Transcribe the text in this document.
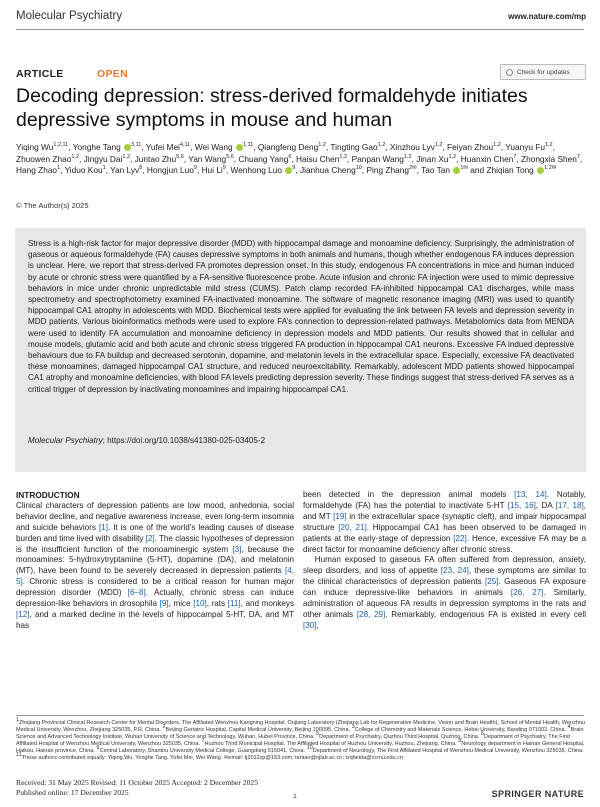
Molecular Psychiatry	www.nature.com/mp
ARTICLE	OPEN	Check for updates
Decoding depression: stress-derived formaldehyde initiates depressive symptoms in mouse and human
Yiqing Wu$^{1,2,11}$, Yonghe Tang $^{3,11}$, Yufei Mei$^{4,11}$, Wei Wang $^{1,11}$, Qiangfeng Deng$^{1,2}$, Tingting Gao$^{1,2}$, Xinzhou Lyv$^{1,2}$, Feiyan Zhou$^{1,2}$, Yuanyu Fu$^{1,2}$, Zhuowen Zhao$^{1,2}$, Jingyu Dai$^{1,2}$, Juntao Zhu$^{5,6}$, Yan Wang$^{5,6}$, Chuang Yang$^6$, Haisu Chen$^{1,2}$, Panpan Wang$^{1,2}$, Jinan Xu$^{1,2}$, Huanxin Chen$^7$, Zhongxia Shen$^7$, Hang Zhao$^1$, Yiduo Kou$^1$, Yan Lyv$^8$, Hongjun Luo$^9$, Hui Li$^9$, Wenhong Luo $^9$, Jianhua Cheng$^{10}$, Ping Zhang$^{2✉}$, Tao Tan $^{1✉}$ and Zhiqian Tong $^{1,2✉}$
© The Author(s) 2025
Stress is a high-risk factor for major depressive disorder (MDD) with hippocampal damage and monoamine deficiency. Surprisingly, the administration of gaseous or aqueous formaldehyde (FA) causes depressive symptoms in both animals and humans, though whether endogenous FA induces depression is unclear. Here, we report that stress-derived FA promotes depression onset. In this study, endogenous FA concentrations in mice and human induced by acute or chronic stress were quantified by a FA-sensitive fluorescence probe. Acute infusion and chronic FA injection were used to mimic depressive behaviors in mice under chronic unpredictable mild stress (CUMS). Patch clamp recorded FA-inhibited hippocampal CA1 discharges, while mass spectrometry and spectrophotometry examined FA-inactivated monoamine. The software of magnetic resonance imaging (MRI) was used to quantify hippocampal CA1 atrophy in adolescents with MDD. Biochemical tests were applied for evaluating the link between FA levels and depression severity in MDD patients. Various bioinformatics methods were used to explore FA’s connection to depression-related pathways. Metabolomics data from MENDA were used to identify FA accumulation and monoamine deficiency in depression models and MDD patients. Our results showed that in cellular and mouse models, glutamic acid and both acute and chronic stress triggered FA production in hippocampal CA1 neurons. Excessive FA indued depressive behaviours due to FA buildup and decreased serotonin, dopamine, and melatonin levels in the extracellular space. Especially, excessive FA deactivated these monoamines, damaged hippocampal CA1 structure, and reduced neuroexcitability. Remarkably, adolescent MDD patients showed hippocampal CA1 atrophy and monoamine deficiencies, with blood FA levels predicting depression severity. These findings suggest that stress-derived FA serves as a critical trigger of depression by inactivating monoamines and impairing hippocampal CA1.
Molecular Psychiatry; https://doi.org/10.1038/s41380-025-03405-2
INTRODUCTION
Clinical characters of depression patients are low mood, anhedonia, social behavior decline, and negative awareness increase, even long-term insomnia and suicide behaviors [1]. It is one of the world’s leading causes of disease burden and time lived with disability [2]. The classic hypotheses of depression is the insufficient function of the monoaminergic system [3], because the monoamines: 5-hydroxytryptamine (5-HT), dopamine (DA), and melatonin (MT), have been found to be severely decreased in depression patients [4, 5]. Chronic stress is considered to be a critical reason for human major depression disorder (MDD) [6–8]. Actually, chronic stress can induce depression-like behaviors in drosophila [9], mice [10], rats [11], and monkeys [12], and a marked decline in the levels of hippocampal 5-HT, DA, and MT has
been detected in the depression animal models [13, 14]. Notably, formaldehyde (FA) has the potential to inactivate 5-HT [15, 16], DA [17, 18], and MT [19] in the extracellular space (synaptic cleft), and impair hippocampal structure [20, 21]. Hippocampal CA1 has been observed to be damaged in patients at the early-stage of depression [22]. Hence, excessive FA may be a direct factor for monoamine deficiency after chronic stress.
Human exposed to gaseous FA often suffered from depression, anxiety, sleep disorders, and loss of appetite [23, 24], these symptoms are similar to the clinical characteristics of depression patients [25]. Gaseous FA exposure can induce depressive-like behaviors in animals [26, 27]. Similarly, administration of aqueous FA results in depression symptoms in the rats and other animals [28, 29]. Remarkably, endogenous FA is existed in every cell [30],
$^1$Zhejiang Provincial Clinical Research Center for Mental Disorders, The Affiliated Wenzhou Kangning Hospital, Oujiang Laboratory (Zhejiang Lab for Regenerative Medicine, Vision and Brain Health), School of Mental Health, Wenzhou Medical University, Wenzhou, Zhejiang 325035, P.R. China. $^2$Beijing Geriatric Hospital, Capital Medical University, Beijing 100095, China. $^3$College of Chemistry and Materials Science, Hebei University, Baoding 071002, China. $^4$Brain Science and Advanced Technology Institute, Wuhan University of Science and Technology, Wuhan, Hubei Province, China. $^5$Department of Psychiatry, Quzhou Third Hospital, Quzhou, China. $^6$Department of Psychiatry, The First Affiliated Hospital of Wenzhou Medical University, Wenzhou 325035, China. $^7$Huzhou Third Municipal Hospital, The Affiliated Hospital of Huzhou University, Huzhou, Zhejiang, China. $^8$Neurology department in Hainan General Hospital, Haikou, Hainan province, China. $^9$Central Laboratory, Shantou University Medical College, Guangdong 515041, China. $^{10}$Department of Neurology, The First Affiliated Hospital of Wenzhou Medical University, Wenzhou 325035, China. $^{11}$These authors contributed equally: Yiqing Wu, Yonghe Tang, Yufei Mei, Wei Wang. ✉email: tj2012zp@163.com; tantao@ojlab.ac.cn; tzqbeida@ccmu.edu.cn
Received: 31 May 2025 Revised: 11 October 2025 Accepted: 2 December 2025
Published online: 17 December 2025	1	SPRINGER NATURE
